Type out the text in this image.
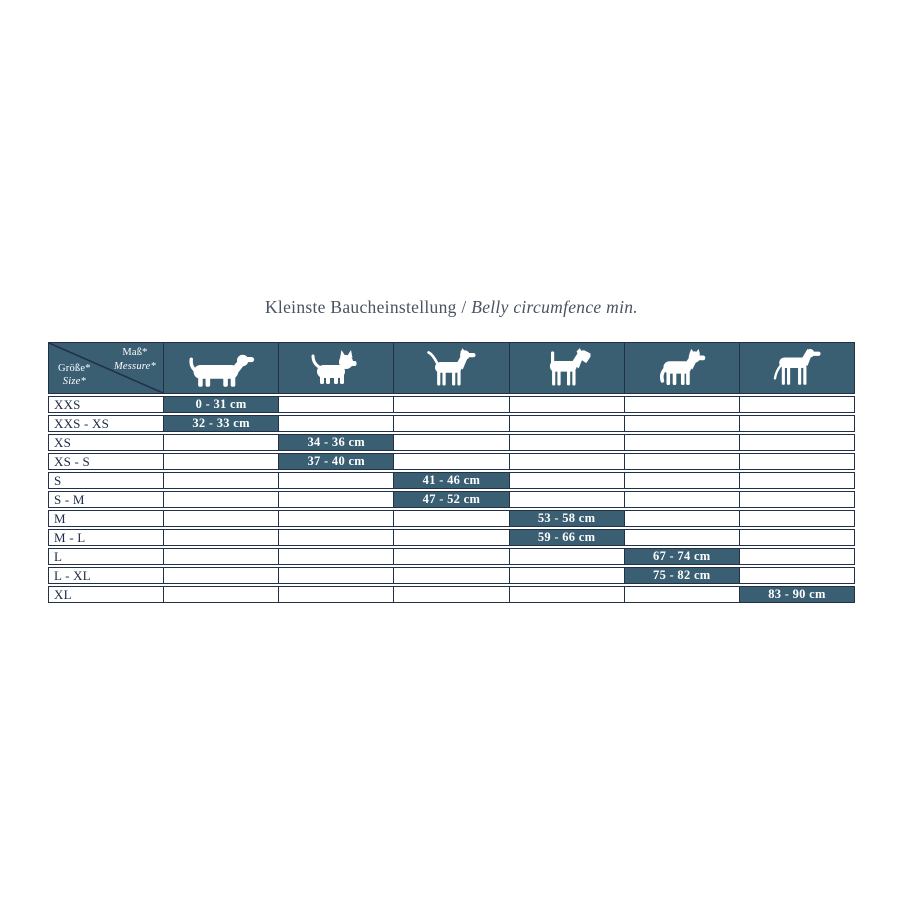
Kleinste Baucheinstellung / Belly circumfence min.
Maß*
Messure*
Größe*
Size*
XXS	0 - 31 cm
XXS - XS	32 - 33 cm
XS	34 - 36 cm
XS - S	37 - 40 cm
S	41 - 46 cm
S - M	47 - 52 cm
M	53 - 58 cm
M - L	59 - 66 cm
L	67 - 74 cm
L - XL	75 - 82 cm
XL	83 - 90 cm
